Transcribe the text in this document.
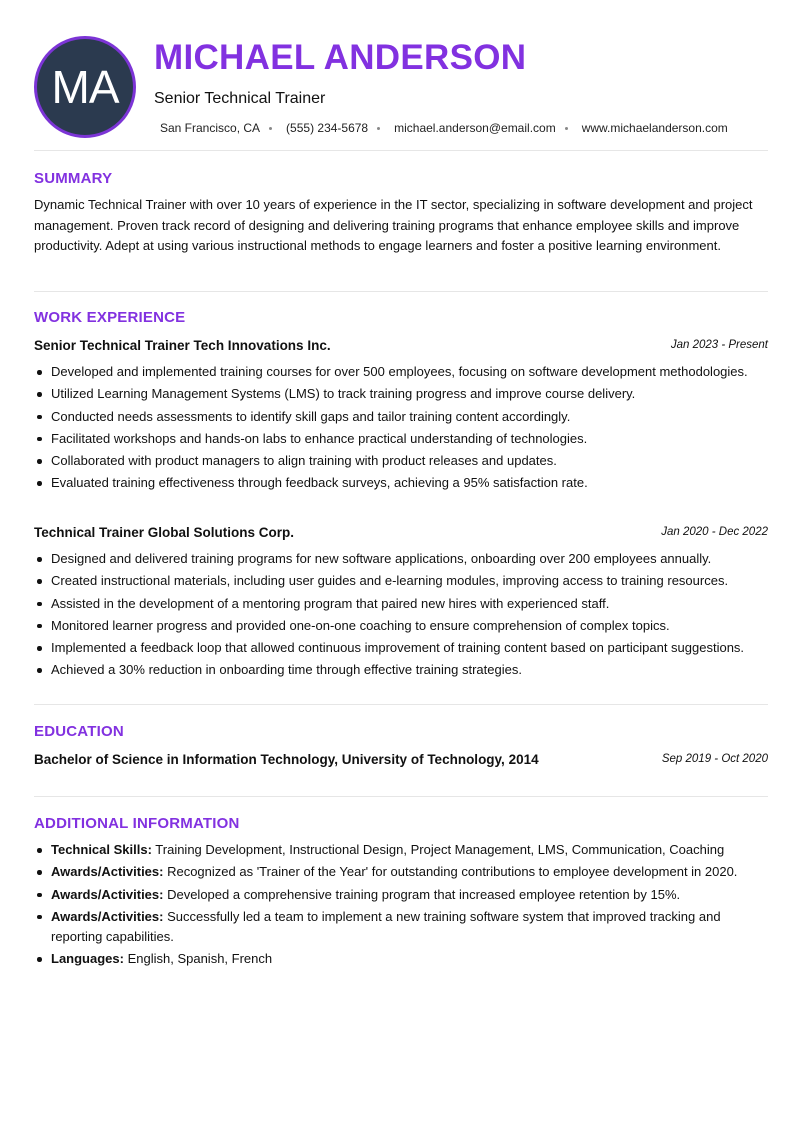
MA
MICHAEL ANDERSON
Senior Technical Trainer
San Francisco, CA (555) 234-5678 michael.anderson@email.com www.michaelanderson.com
SUMMARY
Dynamic Technical Trainer with over 10 years of experience in the IT sector, specializing in software development and project management. Proven track record of designing and delivering training programs that enhance employee skills and improve productivity. Adept at using various instructional methods to engage learners and foster a positive learning environment.
WORK EXPERIENCE
Senior Technical Trainer Tech Innovations Inc.	Jan 2023 - Present
Developed and implemented training courses for over 500 employees, focusing on software development methodologies.
Utilized Learning Management Systems (LMS) to track training progress and improve course delivery.
Conducted needs assessments to identify skill gaps and tailor training content accordingly.
Facilitated workshops and hands-on labs to enhance practical understanding of technologies.
Collaborated with product managers to align training with product releases and updates.
Evaluated training effectiveness through feedback surveys, achieving a 95% satisfaction rate.
Technical Trainer Global Solutions Corp.	Jan 2020 - Dec 2022
Designed and delivered training programs for new software applications, onboarding over 200 employees annually.
Created instructional materials, including user guides and e-learning modules, improving access to training resources.
Assisted in the development of a mentoring program that paired new hires with experienced staff.
Monitored learner progress and provided one-on-one coaching to ensure comprehension of complex topics.
Implemented a feedback loop that allowed continuous improvement of training content based on participant suggestions.
Achieved a 30% reduction in onboarding time through effective training strategies.
EDUCATION
Bachelor of Science in Information Technology, University of Technology, 2014	Sep 2019 - Oct 2020
ADDITIONAL INFORMATION
Technical Skills: Training Development, Instructional Design, Project Management, LMS, Communication, Coaching
Awards/Activities: Recognized as 'Trainer of the Year' for outstanding contributions to employee development in 2020.
Awards/Activities: Developed a comprehensive training program that increased employee retention by 15%.
Awards/Activities: Successfully led a team to implement a new training software system that improved tracking and reporting capabilities.
Languages: English, Spanish, French
